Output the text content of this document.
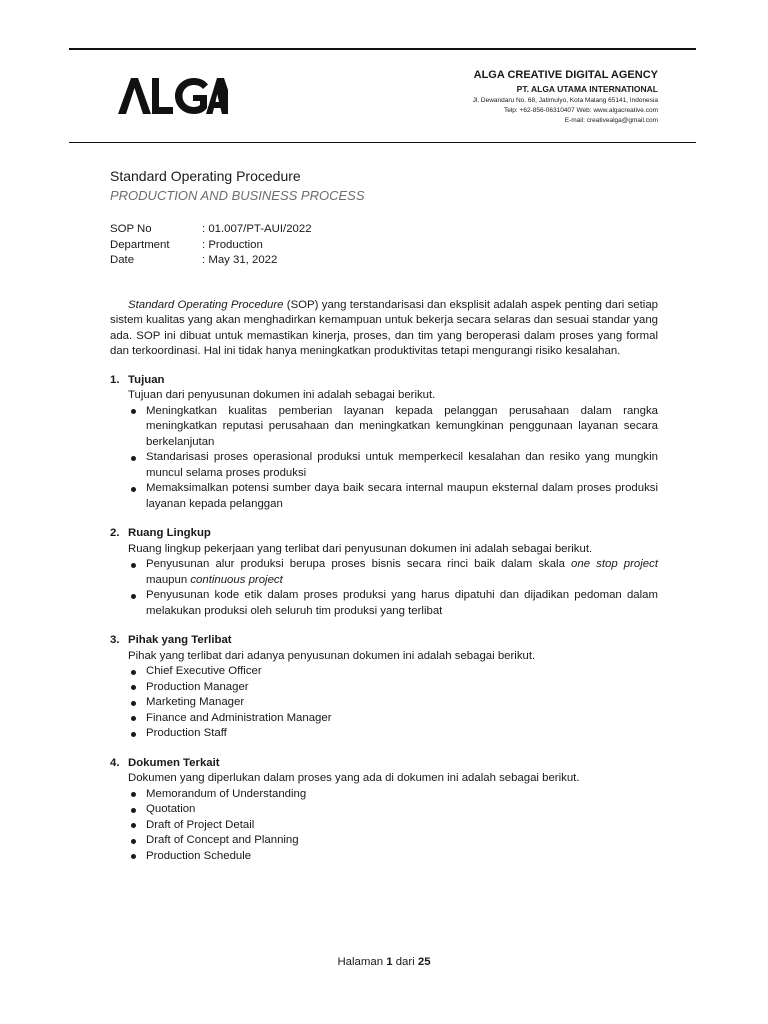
ALGA CREATIVE DIGITAL AGENCY
PT. ALGA UTAMA INTERNATIONAL
Jl. Dewandaru No. 68, Jatimulyo, Kota Malang 65141, Indonesia
Telp: +62-856-06310407 Web: www.algacreative.com
E-mail: creativealga@gmail.com
Standard Operating Procedure
PRODUCTION AND BUSINESS PROCESS
SOP No	: 01.007/PT-AUI/2022
Department	: Production
Date	: May 31, 2022

Standard Operating Procedure (SOP) yang terstandarisasi dan eksplisit adalah aspek penting dari setiap sistem kualitas yang akan menghadirkan kemampuan untuk bekerja secara selaras dan sesuai standar yang ada. SOP ini dibuat untuk memastikan kinerja, proses, dan tim yang beroperasi dalam proses yang formal dan terkoordinasi. Hal ini tidak hanya meningkatkan produktivitas tetapi mengurangi risiko kesalahan.

1. Tujuan
Tujuan dari penyusunan dokumen ini adalah sebagai berikut.
Meningkatkan kualitas pemberian layanan kepada pelanggan perusahaan dalam rangka meningkatkan reputasi perusahaan dan meningkatkan kemungkinan penggunaan layanan secara berkelanjutan
Standarisasi proses operasional produksi untuk memperkecil kesalahan dan resiko yang mungkin muncul selama proses produksi
Memaksimalkan potensi sumber daya baik secara internal maupun eksternal dalam proses produksi layanan kepada pelanggan
2. Ruang Lingkup
Ruang lingkup pekerjaan yang terlibat dari penyusunan dokumen ini adalah sebagai berikut.
Penyusunan alur produksi berupa proses bisnis secara rinci baik dalam skala one stop project maupun continuous project
Penyusunan kode etik dalam proses produksi yang harus dipatuhi dan dijadikan pedoman dalam melakukan produksi oleh seluruh tim produksi yang terlibat
3. Pihak yang Terlibat
Pihak yang terlibat dari adanya penyusunan dokumen ini adalah sebagai berikut.
Chief Executive Officer
Production Manager
Marketing Manager
Finance and Administration Manager
Production Staff
4. Dokumen Terkait
Dokumen yang diperlukan dalam proses yang ada di dokumen ini adalah sebagai berikut.
Memorandum of Understanding
Quotation
Draft of Project Detail
Draft of Concept and Planning
Production Schedule
Halaman 1 dari 25
